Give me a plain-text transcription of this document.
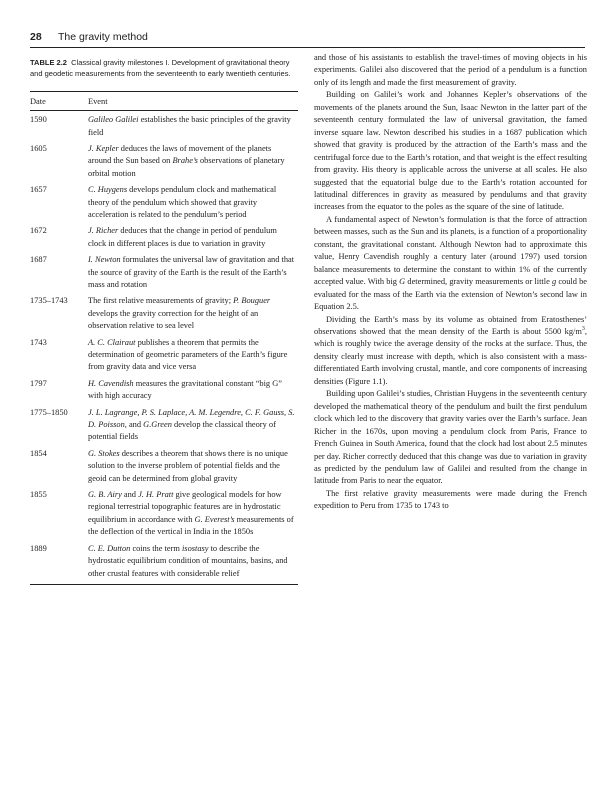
28 The gravity method

TABLE 2.2 Classical gravity milestones I. Development of gravitational theory and geodetic measurements from the seventeenth to early twentieth centuries.

Date	Event
1590	Galileo Galilei establishes the basic principles of the gravity field
1605	J. Kepler deduces the laws of movement of the planets around the Sun based on Brahe’s observations of planetary orbital motion
1657	C. Huygens develops pendulum clock and mathematical theory of the pendulum which showed that gravity acceleration is related to the pendulum’s period
1672	J. Richer deduces that the change in period of pendulum clock in different places is due to variation in gravity
1687	I. Newton formulates the universal law of gravitation and that the source of gravity of the Earth is the result of the Earth’s mass and rotation
1735–1743	The first relative measurements of gravity; P. Bouguer develops the gravity correction for the height of an observation relative to sea level
1743	A. C. Clairaut publishes a theorem that permits the determination of geometric parameters of the Earth’s figure from gravity data and vice versa
1797	H. Cavendish measures the gravitational constant “big G” with high accuracy
1775–1850	J. L. Lagrange, P. S. Laplace, A. M. Legendre, C. F. Gauss, S. D. Poisson, and G.Green develop the classical theory of potential fields
1854	G. Stokes describes a theorem that shows there is no unique solution to the inverse problem of potential fields and the geoid can be determined from global gravity
1855	G. B. Airy and J. H. Pratt give geological models for how regional terrestrial topographic features are in hydrostatic equilibrium in accordance with G. Everest’s measurements of the deflection of the vertical in India in the 1850s
1889	C. E. Dutton coins the term isostasy to describe the hydrostatic equilibrium condition of mountains, basins, and other crustal features with considerable relief

and those of his assistants to establish the travel-times of moving objects in his experiments. Galilei also discovered that the period of a pendulum is a function only of its length and made the first measurement of gravity.

Building on Galilei’s work and Johannes Kepler’s observations of the movements of the planets around the Sun, Isaac Newton in the latter part of the seventeenth century formulated the law of universal gravitation, the famed inverse square law. Newton described his studies in a 1687 publication which showed that gravity is produced by the attraction of the Earth’s mass and the centrifugal force due to the Earth’s rotation, and that weight is the effect resulting from gravity. His theory is applicable across the universe at all scales. He also suggested that the equatorial bulge due to the Earth’s rotation accounted for latitudinal differences in gravity as measured by pendulums and that gravity increases from the equator to the poles as the square of the sine of latitude.

A fundamental aspect of Newton’s formulation is that the force of attraction between masses, such as the Sun and its planets, is a function of a proportionality constant, the gravitational constant. Although Newton had to approximate this value, Henry Cavendish roughly a century later (around 1797) used torsion balance measurements to determine the constant to within 1% of the currently accepted value. With big G determined, gravity measurements or little g could be evaluated for the mass of the Earth via the extension of Newton’s second law in Equation 2.5.

Dividing the Earth’s mass by its volume as obtained from Eratosthenes’ observations showed that the mean density of the Earth is about 5500 $kg/m^3$, which is roughly twice the average density of the rocks at the surface. Thus, the density clearly must increase with depth, which is also consistent with a mass-differentiated Earth involving crustal, mantle, and core components of increasing densities (Figure 1.1).

Building upon Galilei’s studies, Christian Huygens in the seventeenth century developed the mathematical theory of the pendulum and built the first pendulum clock which led to the discovery that gravity varies over the Earth’s surface. Jean Richer in the 1670s, upon moving a pendulum clock from Paris, France to French Guinea in South America, found that the clock had lost about 2.5 minutes per day. Richer correctly deduced that this change was due to variation in gravity as predicted by the pendulum law of Galilei and resulted from the change in latitude from Paris to near the equator.

The first relative gravity measurements were made during the French expedition to Peru from 1735 to 1743 to
